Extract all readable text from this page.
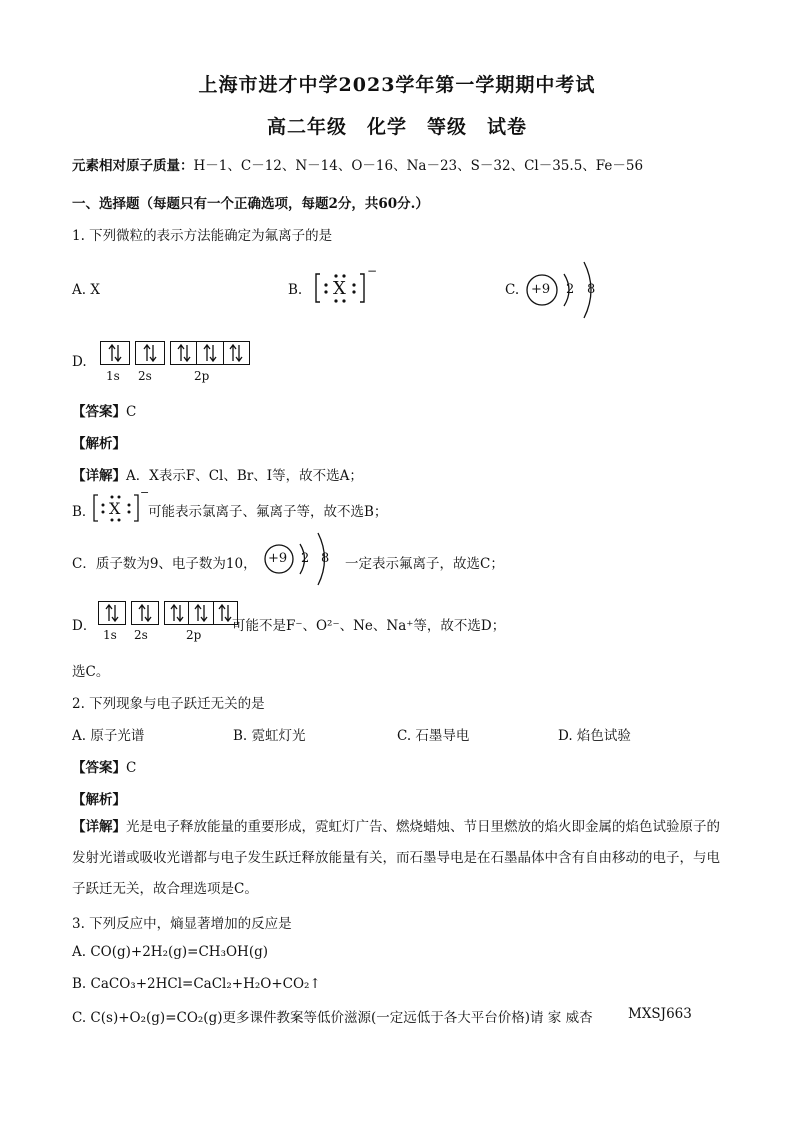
上海市进才中学2023学年第一学期期中考试
高二年级　化学　等级　试卷
元素相对原子质量：H－1、C－12、N－14、O－16、Na－23、S－32、Cl－35.5、Fe－56
一、选择题（每题只有一个正确选项，每题2分，共60分.）
1. 下列微粒的表示方法能确定为氟离子的是
A. X	B. X
−
C. +9 2 8
D.
1s 2s	2p
【答案】C
【解析】
【详解】A．X表示F、Cl、Br、I等，故不选A；
B． X
−
可能表示氯离子、氟离子等，故不选B；
C．质子数为9、电子数为10， +9 2 8 一定表示氟离子，故选C；
D．
1s 2s	2p
可能不是F⁻、O²⁻、Ne、Na⁺等，故不选D；
选C。
2. 下列现象与电子跃迁无关的是
A. 原子光谱	B. 霓虹灯光	C. 石墨导电	D. 焰色试验
【答案】C
【解析】
【详解】光是电子释放能量的重要形成，霓虹灯广告、燃烧蜡烛、节日里燃放的焰火即金属的焰色试验原子的发射光谱或吸收光谱都与电子发生跃迁释放能量有关，而石墨导电是在石墨晶体中含有自由移动的电子，与电子跃迁无关，故合理选项是C。
3. 下列反应中，熵显著增加的反应是
A. CO(g)+2H₂(g)=CH₃OH(g)
B. CaCO₃+2HCl=CaCl₂+H₂O+CO₂↑
C. C(s)+O₂(g)=CO₂(g)更多课件教案等低价滋源(一定远低于各大平台价格)请 家 威杏	MXSJ663
